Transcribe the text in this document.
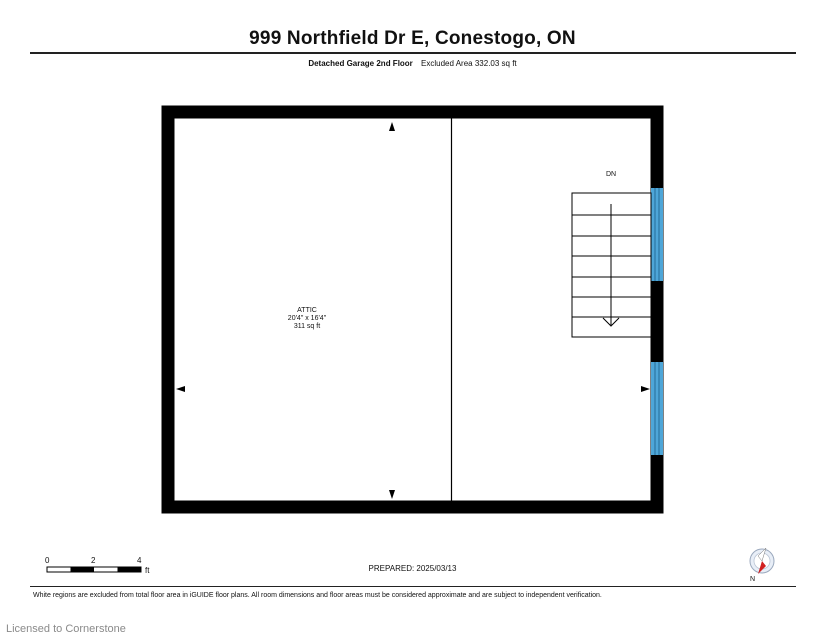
999 Northfield Dr E, Conestogo, ON
Detached Garage 2nd Floor Excluded Area 332.03 sq ft
DN
ATTIC
20'4" x 16'4"
311 sq ft
N
0	2	4
ft	PREPARED: 2025/03/13
White regions are excluded from total floor area in iGUIDE floor plans. All room dimensions and floor areas must be considered approximate and are subject to independent verification.
Licensed to Cornerstone
